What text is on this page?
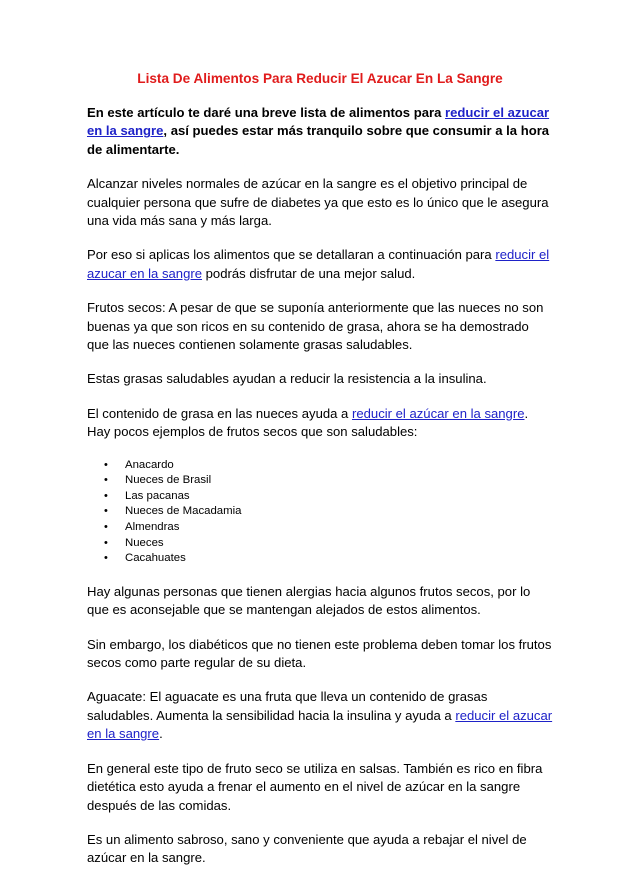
Lista De Alimentos Para Reducir El Azucar En La Sangre

En este artículo te daré una breve lista de alimentos para reducir el azucar en la sangre, así puedes estar más tranquilo sobre que consumir a la hora de alimentarte.

Alcanzar niveles normales de azúcar en la sangre es el objetivo principal de cualquier persona que sufre de diabetes ya que esto es lo único que le asegura una vida más sana y más larga.

Por eso si aplicas los alimentos que se detallaran a continuación para reducir el azucar en la sangre podrás disfrutar de una mejor salud.

Frutos secos: A pesar de que se suponía anteriormente que las nueces no son buenas ya que son ricos en su contenido de grasa, ahora se ha demostrado que las nueces contienen solamente grasas saludables.

Estas grasas saludables ayudan a reducir la resistencia a la insulina.

El contenido de grasa en las nueces ayuda a reducir el azúcar en la sangre. Hay pocos ejemplos de frutos secos que son saludables:

• Anacardo
• Nueces de Brasil
• Las pacanas
• Nueces de Macadamia
• Almendras
• Nueces
• Cacahuates

Hay algunas personas que tienen alergias hacia algunos frutos secos, por lo que es aconsejable que se mantengan alejados de estos alimentos.

Sin embargo, los diabéticos que no tienen este problema deben tomar los frutos secos como parte regular de su dieta.

Aguacate: El aguacate es una fruta que lleva un contenido de grasas saludables. Aumenta la sensibilidad hacia la insulina y ayuda a reducir el azucar en la sangre.

En general este tipo de fruto seco se utiliza en salsas. También es rico en fibra dietética esto ayuda a frenar el aumento en el nivel de azúcar en la sangre después de las comidas.

Es un alimento sabroso, sano y conveniente que ayuda a rebajar el nivel de azúcar en la sangre.
